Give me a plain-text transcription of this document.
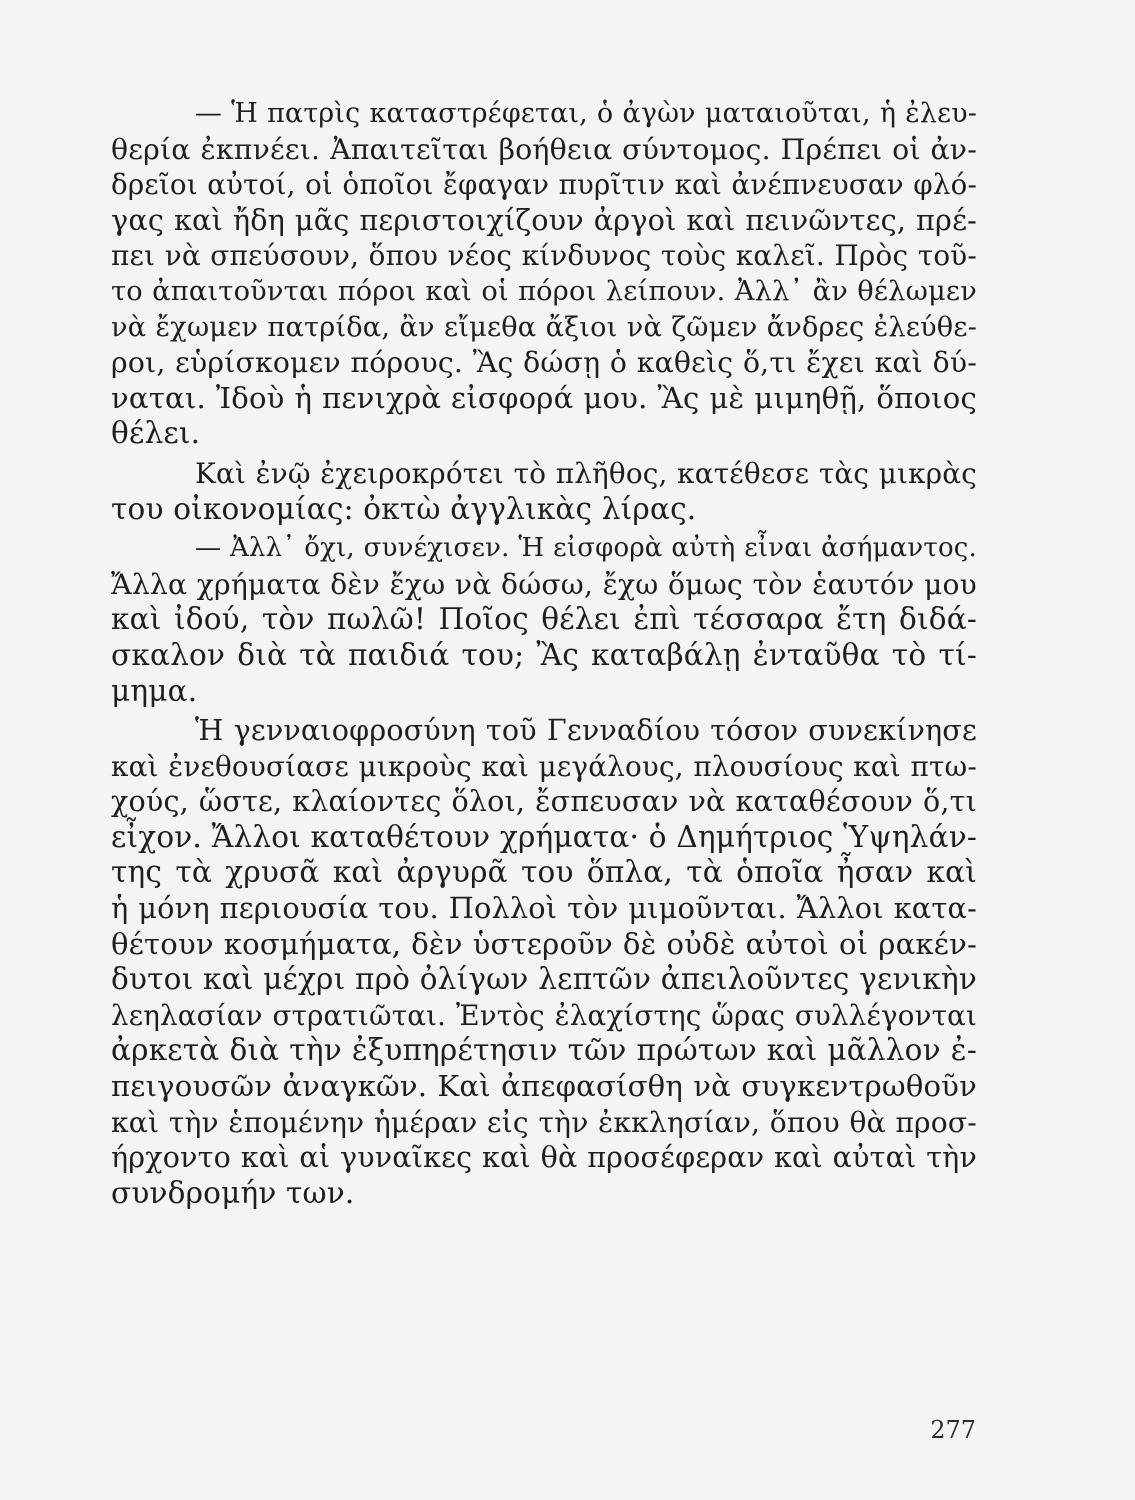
— Ἡ πατρὶς καταστρέφεται, ὁ ἀγὼν ματαιοῦται, ἡ ἐλευ-
θερία ἐκπνέει. Ἀπαιτεῖται βοήθεια σύντομος. Πρέπει οἱ ἀν-
δρεῖοι αὐτοί, οἱ ὁποῖοι ἔφαγαν πυρῖτιν καὶ ἀνέπνευσαν φλό-
γας καὶ ἤδη μᾶς περιστοιχίζουν ἀργοὶ καὶ πεινῶντες, πρέ-
πει νὰ σπεύσουν, ὅπου νέος κίνδυνος τοὺς καλεῖ. Πρὸς τοῦ-
το ἀπαιτοῦνται πόροι καὶ οἱ πόροι λείπουν. Ἀλλ᾽ ἂν θέλωμεν
νὰ ἔχωμεν πατρίδα, ἂν εἴμεθα ἄξιοι νὰ ζῶμεν ἄνδρες ἐλεύθε-
ροι, εὑρίσκομεν πόρους. Ἂς δώσῃ ὁ καθεὶς ὅ,τι ἔχει καὶ δύ-
ναται. Ἰδοὺ ἡ πενιχρὰ εἰσφορά μου. Ἂς μὲ μιμηθῇ, ὅποιος
θέλει.
Καὶ ἐνῷ ἐχειροκρότει τὸ πλῆθος, κατέθεσε τὰς μικρὰς
του οἰκονομίας: ὀκτὼ ἀγγλικὰς λίρας.
— Ἀλλ᾽ ὄχι, συνέχισεν. Ἡ εἰσφορὰ αὐτὴ εἶναι ἀσήμαντος.
Ἄλλα χρήματα δὲν ἔχω νὰ δώσω, ἔχω ὅμως τὸν ἑαυτόν μου
καὶ ἰδού, τὸν πωλῶ! Ποῖος θέλει ἐπὶ τέσσαρα ἔτη διδά-
σκαλον διὰ τὰ παιδιά του; Ἂς καταβάλῃ ἐνταῦθα τὸ τί-
μημα.
Ἡ γενναιοφροσύνη τοῦ Γενναδίου τόσον συνεκίνησε
καὶ ἐνεθουσίασε μικροὺς καὶ μεγάλους, πλουσίους καὶ πτω-
χούς, ὥστε, κλαίοντες ὅλοι, ἔσπευσαν νὰ καταθέσουν ὅ,τι
εἶχον. Ἄλλοι καταθέτουν χρήματα· ὁ Δημήτριος Ὑψηλάν-
της τὰ χρυσᾶ καὶ ἀργυρᾶ του ὅπλα, τὰ ὁποῖα ἦσαν καὶ
ἡ μόνη περιουσία του. Πολλοὶ τὸν μιμοῦνται. Ἄλλοι κατα-
θέτουν κοσμήματα, δὲν ὑστεροῦν δὲ οὐδὲ αὐτοὶ οἱ ρακέν-
δυτοι καὶ μέχρι πρὸ ὀλίγων λεπτῶν ἀπειλοῦντες γενικὴν
λεηλασίαν στρατιῶται. Ἐντὸς ἐλαχίστης ὥρας συλλέγονται
ἀρκετὰ διὰ τὴν ἐξυπηρέτησιν τῶν πρώτων καὶ μᾶλλον ἐ-
πειγουσῶν ἀναγκῶν. Καὶ ἀπεφασίσθη νὰ συγκεντρωθοῦν
καὶ τὴν ἑπομένην ἡμέραν εἰς τὴν ἐκκλησίαν, ὅπου θὰ προσ-
ήρχοντο καὶ αἱ γυναῖκες καὶ θὰ προσέφεραν καὶ αὐταὶ τὴν
συνδρομήν των.
277
